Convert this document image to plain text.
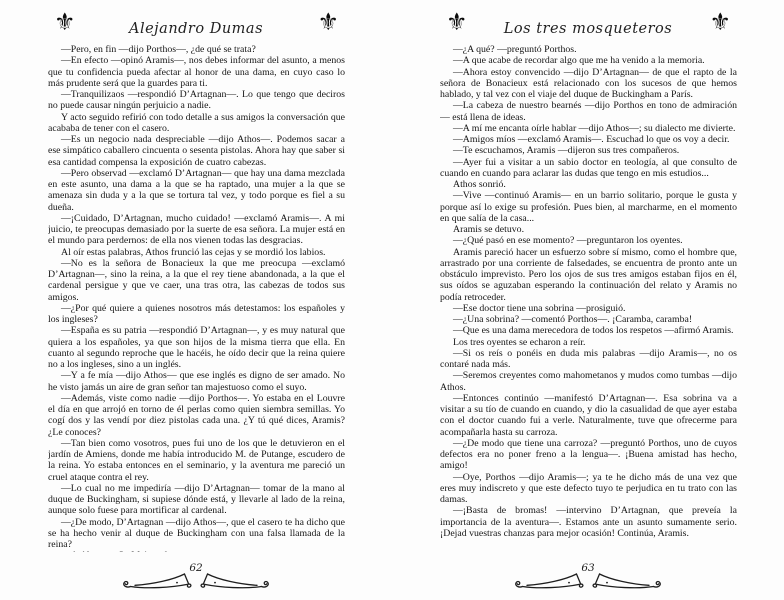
⚜	Alejandro Dumas	⚜

—Pero, en fin —dijo Porthos—, ¿de qué se trata?

—En efecto —opinó Aramis—, nos debes informar del asunto, a menos que tu confidencia pueda afectar al honor de una dama, en cuyo caso lo más prudente será que la guardes para ti.

—Tranquilizaos —respondió D’Artagnan—. Lo que tengo que deciros no puede causar ningún perjuicio a nadie.

Y acto seguido refirió con todo detalle a sus amigos la conversación que acababa de tener con el casero.

—Es un negocio nada despreciable —dijo Athos—. Podemos sacar a ese simpático caballero cincuenta o sesenta pistolas. Ahora hay que saber si esa cantidad compensa la exposición de cuatro cabezas.

—Pero observad —exclamó D’Artagnan— que hay una dama mezclada en este asunto, una dama a la que se ha raptado, una mujer a la que se amenaza sin duda y a la que se tortura tal vez, y todo porque es fiel a su dueña.

—¡Cuidado, D’Artagnan, mucho cuidado! —exclamó Aramis—. A mi juicio, te preocupas demasiado por la suerte de esa señora. La mujer está en el mundo para perdernos: de ella nos vienen todas las desgracias.

Al oír estas palabras, Athos frunció las cejas y se mordió los labios.

—No es la señora de Bonacieux la que me preocupa —exclamó D’Artagnan—, sino la reina, a la que el rey tiene abandonada, a la que el cardenal persigue y que ve caer, una tras otra, las cabezas de todos sus amigos.

—¿Por qué quiere a quienes nosotros más detestamos: los españoles y los ingleses?

—España es su patria —respondió D’Artagnan—, y es muy natural que quiera a los españoles, ya que son hijos de la misma tierra que ella. En cuanto al segundo reproche que le hacéis, he oído decir que la reina quiere no a los ingleses, sino a un inglés.

—Y a fe mía —dijo Athos— que ese inglés es digno de ser amado. No he visto jamás un aire de gran señor tan majestuoso como el suyo.

—Además, viste como nadie —dijo Porthos—. Yo estaba en el Louvre el día en que arrojó en torno de él perlas como quien siembra semillas. Yo cogí dos y las vendí por diez pistolas cada una. ¿Y tú qué dices, Aramis? ¿Le conoces?

—Tan bien como vosotros, pues fui uno de los que le detuvieron en el jardín de Amiens, donde me había introducido M. de Putange, escudero de la reina. Yo estaba entonces en el seminario, y la aventura me pareció un cruel ataque contra el rey.

—Lo cual no me impediría —dijo D’Artagnan— tomar de la mano al duque de Buckingham, si supiese dónde está, y llevarle al lado de la reina, aunque solo fuese para mortificar al cardenal.

—¿De modo, D’Artagnan —dijo Athos—, que el casero te ha dicho que se ha hecho venir al duque de Buckingham con una falsa llamada de la reina?

62
⚜	Los tres mosqueteros	⚜

—¿A qué? —preguntó Porthos.

—A que acabe de recordar algo que me ha venido a la memoria.

—Ahora estoy convencido —dijo D’Artagnan— de que el rapto de la señora de Bonacieux está relacionado con los sucesos de que hemos hablado, y tal vez con el viaje del duque de Buckingham a París.

—La cabeza de nuestro bearnés —dijo Porthos en tono de admiración— está llena de ideas.

—A mí me encanta oírle hablar —dijo Athos—; su dialecto me divierte.

—Amigos míos —exclamó Aramis—. Escuchad lo que os voy a decir.

—Te escuchamos, Aramis —dijeron sus tres compañeros.

—Ayer fui a visitar a un sabio doctor en teología, al que consulto de cuando en cuando para aclarar las dudas que tengo en mis estudios...

Athos sonrió.

—Vive —continuó Aramis— en un barrio solitario, porque le gusta y porque así lo exige su profesión. Pues bien, al marcharme, en el momento en que salía de la casa...

Aramis se detuvo.

—¿Qué pasó en ese momento? —preguntaron los oyentes.

Aramis pareció hacer un esfuerzo sobre sí mismo, como el hombre que, arrastrado por una corriente de falsedades, se encuentra de pronto ante un obstáculo imprevisto. Pero los ojos de sus tres amigos estaban fijos en él, sus oídos se aguzaban esperando la continuación del relato y Aramis no podía retroceder.

—Ese doctor tiene una sobrina —prosiguió.

—¿Una sobrina? —comentó Porthos—. ¡Caramba, caramba!

—Que es una dama merecedora de todos los respetos —afirmó Aramis.

Los tres oyentes se echaron a reír.

—Si os reís o ponéis en duda mis palabras —dijo Aramis—, no os contaré nada más.

—Seremos creyentes como mahometanos y mudos como tumbas —dijo Athos.

—Entonces continúo —manifestó D’Artagnan—. Esa sobrina va a visitar a su tío de cuando en cuando, y dio la casualidad de que ayer estaba con el doctor cuando fui a verle. Naturalmente, tuve que ofrecerme para acompañarla hasta su carroza.

—¿De modo que tiene una carroza? —preguntó Porthos, uno de cuyos defectos era no poner freno a la lengua—. ¡Buena amistad has hecho, amigo!

—Oye, Porthos —dijo Aramis—; ya te he dicho más de una vez que eres muy indiscreto y que este defecto tuyo te perjudica en tu trato con las damas.

—¡Basta de bromas! —intervino D’Artagnan, que preveía la importancia de la aventura—. Estamos ante un asunto sumamente serio. ¡Dejad vuestras chanzas para mejor ocasión! Continúa, Aramis.

63
